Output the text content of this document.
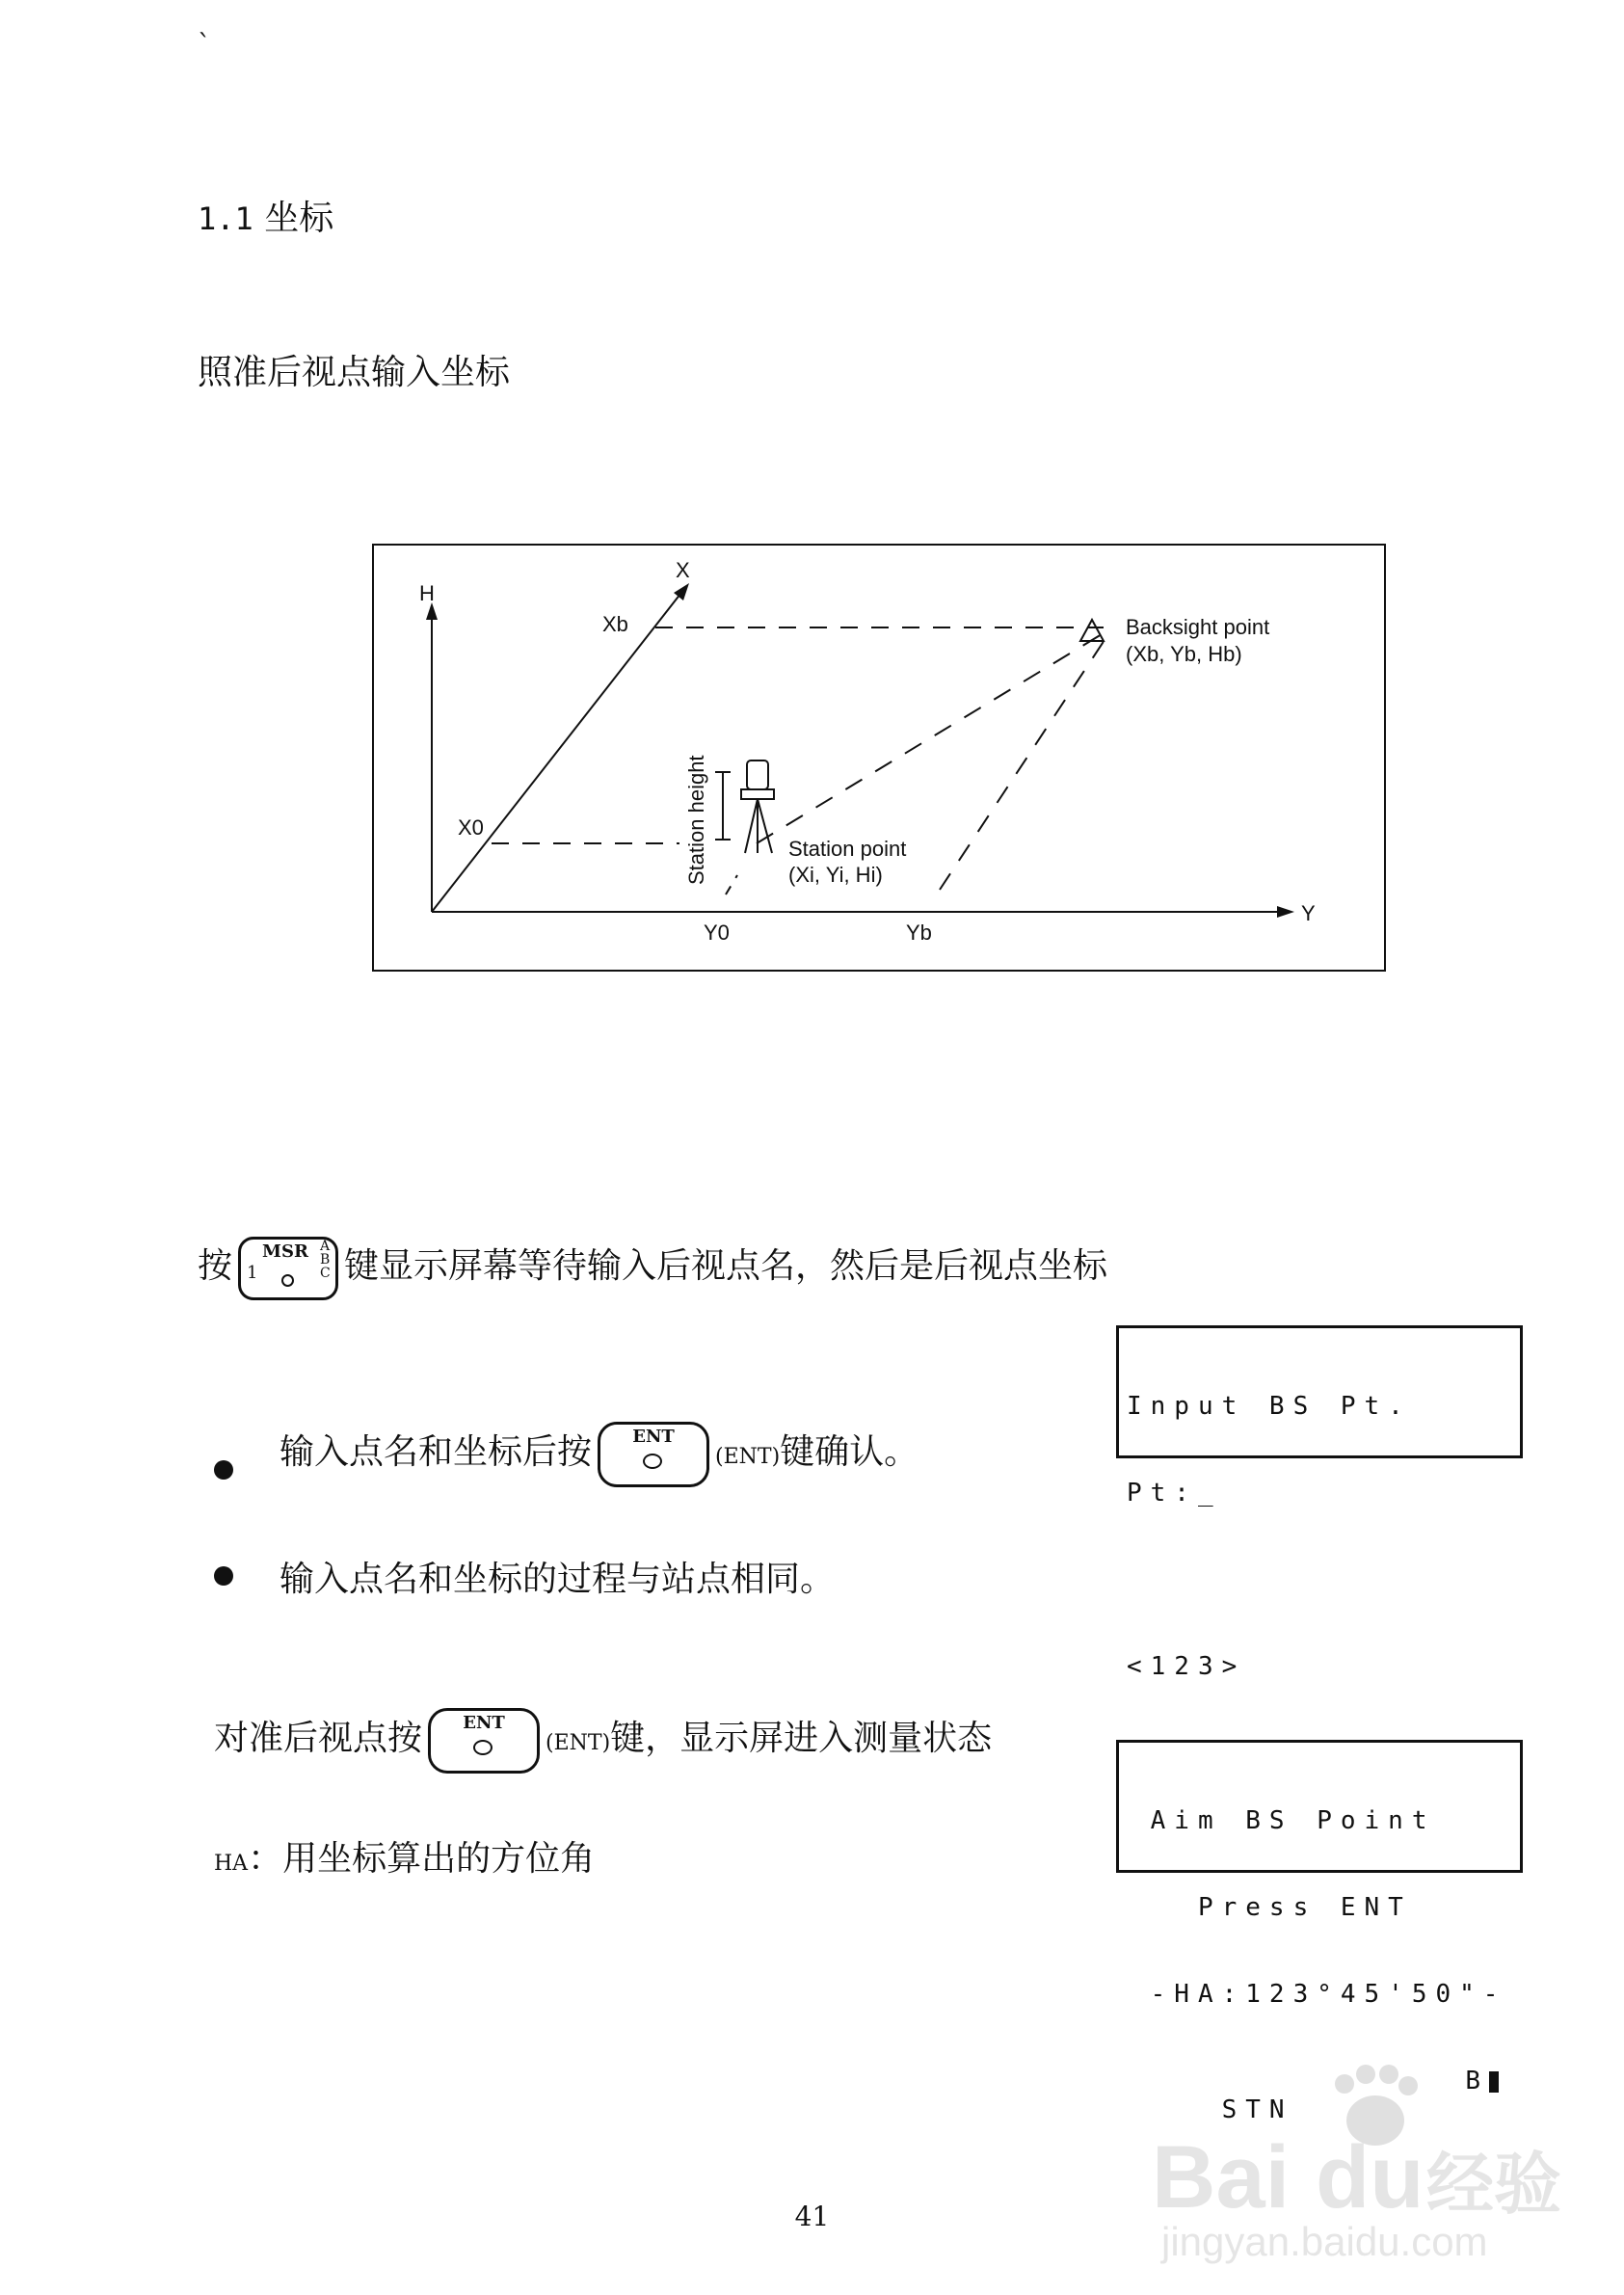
`
1.1 坐标
照准后视点输入坐标
H
X
Y
Xb
X0
Y0	Yb
Backsight point
(Xb, Yb, Hb)
Station point
(Xi, Yi, Hi)
Station height
按 MSR
1
ABC 键显示屏幕等待输入后视点名，然后是后视点坐标

Input BS Pt.

Pt:_

<123>

输入点名和坐标后按	ENT
(ENT)键确认。
输入点名和坐标的过程与站点相同。
对准后视点按	ENT
(ENT)键，显示屏进入测量状态
HA：用坐标算出的方位角

Aim BS Point

Press ENT

-HA:123°45'50"-

STN

B

Bai du 经验
jingyan.baidu.com
41
